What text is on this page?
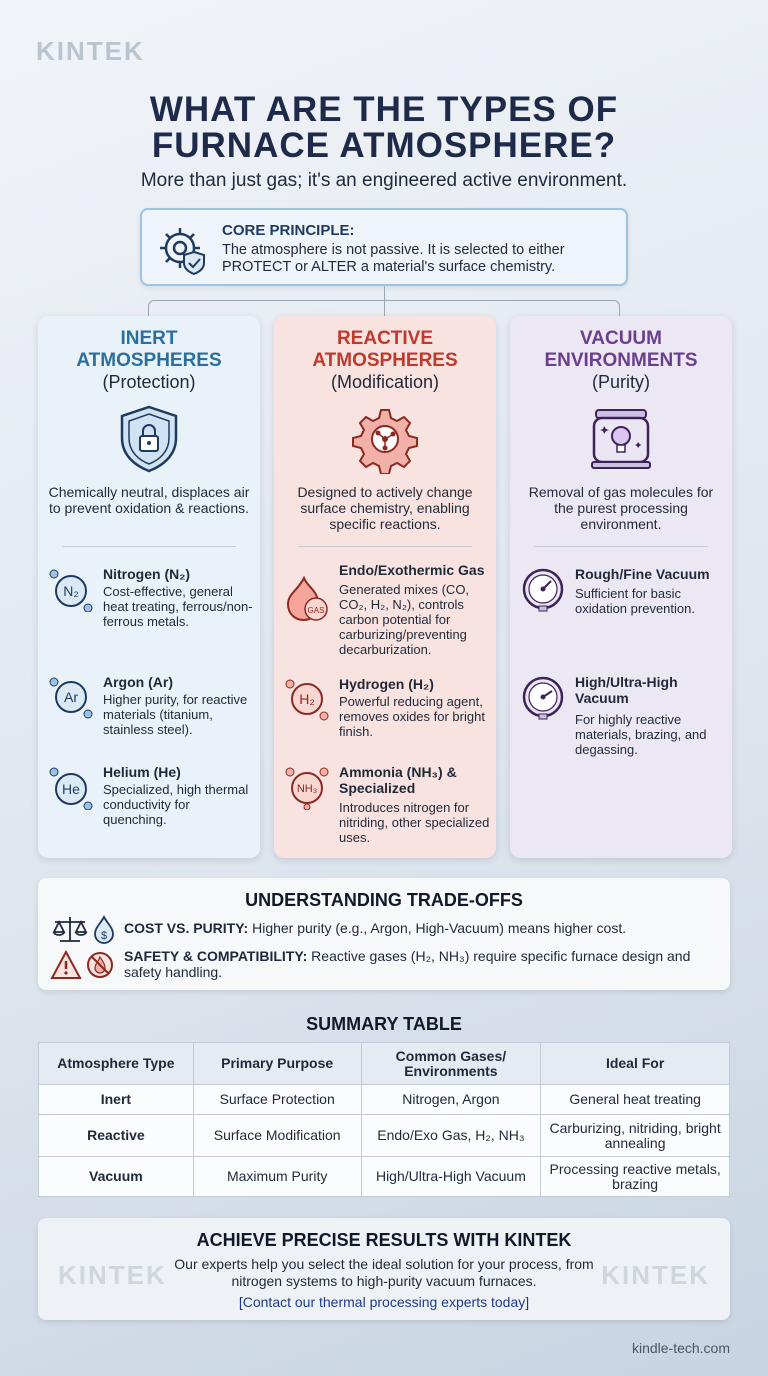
KINTEK
WHAT ARE THE TYPES OF
FURNACE ATMOSPHERE?
More than just gas; it's an engineered active environment.
CORE PRINCIPLE:
The atmosphere is not passive. It is selected to either PROTECT or ALTER a material's surface chemistry.
INERT
ATMOSPHERES
(Protection)
Chemically neutral, displaces air to prevent oxidation & reactions.
N₂
Nitrogen (N₂)
Cost-effective, general heat treating, ferrous/non-ferrous metals.
Ar
Argon (Ar)
Higher purity, for reactive materials (titanium, stainless steel).
He
Helium (He)
Specialized, high thermal conductivity for quenching.
REACTIVE
ATMOSPHERES
(Modification)
Designed to actively change surface chemistry, enabling specific reactions.
GAS
Endo/Exothermic Gas
Generated mixes (CO, CO₂, H₂, N₂), controls carbon potential for carburizing/preventing decarburization.
H₂
Hydrogen (H₂)
Powerful reducing agent, removes oxides for bright finish.
NH₃
Ammonia (NH₃) & Specialized
Introduces nitrogen for nitriding, other specialized uses.
VACUUM
ENVIRONMENTS
(Purity)
Removal of gas molecules for the purest processing environment.
Rough/Fine Vacuum
Sufficient for basic oxidation prevention.
High/Ultra-High Vacuum
For highly reactive materials, brazing, and degassing.
UNDERSTANDING TRADE-OFFS
$ COST VS. PURITY: Higher purity (e.g., Argon, High-Vacuum) means higher cost.
SAFETY & COMPATIBILITY: Reactive gases (H₂, NH₃) require specific furnace design and safety handling.
SUMMARY TABLE
Atmosphere Type	Primary Purpose	Common Gases/ Environments	Ideal For
Inert	Surface Protection	Nitrogen, Argon	General heat treating
Reactive	Surface Modification	Endo/Exo Gas, H₂, NH₃	Carburizing, nitriding, bright annealing
Vacuum	Maximum Purity	High/Ultra-High Vacuum	Processing reactive metals, brazing
KINTEK	KINTEK
ACHIEVE PRECISE RESULTS WITH KINTEK
Our experts help you select the ideal solution for your process, from nitrogen systems to high-purity vacuum furnaces.
[Contact our thermal processing experts today]
kindle-tech.com
